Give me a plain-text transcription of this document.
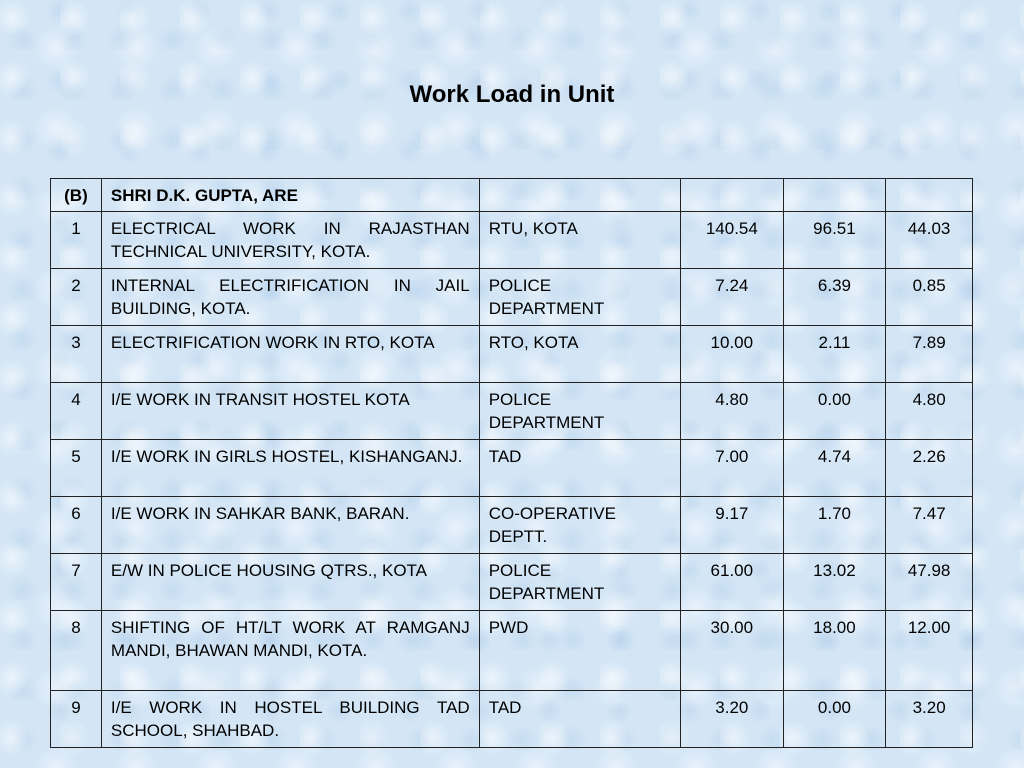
Work Load in Unit
(B)	SHRI D.K. GUPTA, ARE				
1	ELECTRICAL WORK IN RAJASTHAN TECHNICAL UNIVERSITY, KOTA.	RTU, KOTA	140.54	96.51	44.03
2	INTERNAL ELECTRIFICATION IN JAIL BUILDING, KOTA.	POLICE DEPARTMENT	7.24	6.39	0.85
3	ELECTRIFICATION WORK IN RTO, KOTA	RTO, KOTA	10.00	2.11	7.89
4	I/E WORK IN TRANSIT HOSTEL KOTA	POLICE DEPARTMENT	4.80	0.00	4.80
5	I/E WORK IN GIRLS HOSTEL, KISHANGANJ.	TAD	7.00	4.74	2.26
6	I/E WORK IN SAHKAR BANK, BARAN.	CO-OPERATIVE DEPTT.	9.17	1.70	7.47
7	E/W IN POLICE HOUSING QTRS., KOTA	POLICE DEPARTMENT	61.00	13.02	47.98
8	SHIFTING OF HT/LT WORK AT RAMGANJ MANDI, BHAWAN MANDI, KOTA.	PWD	30.00	18.00	12.00
9	I/E WORK IN HOSTEL BUILDING TAD SCHOOL, SHAHBAD.	TAD	3.20	0.00	3.20
